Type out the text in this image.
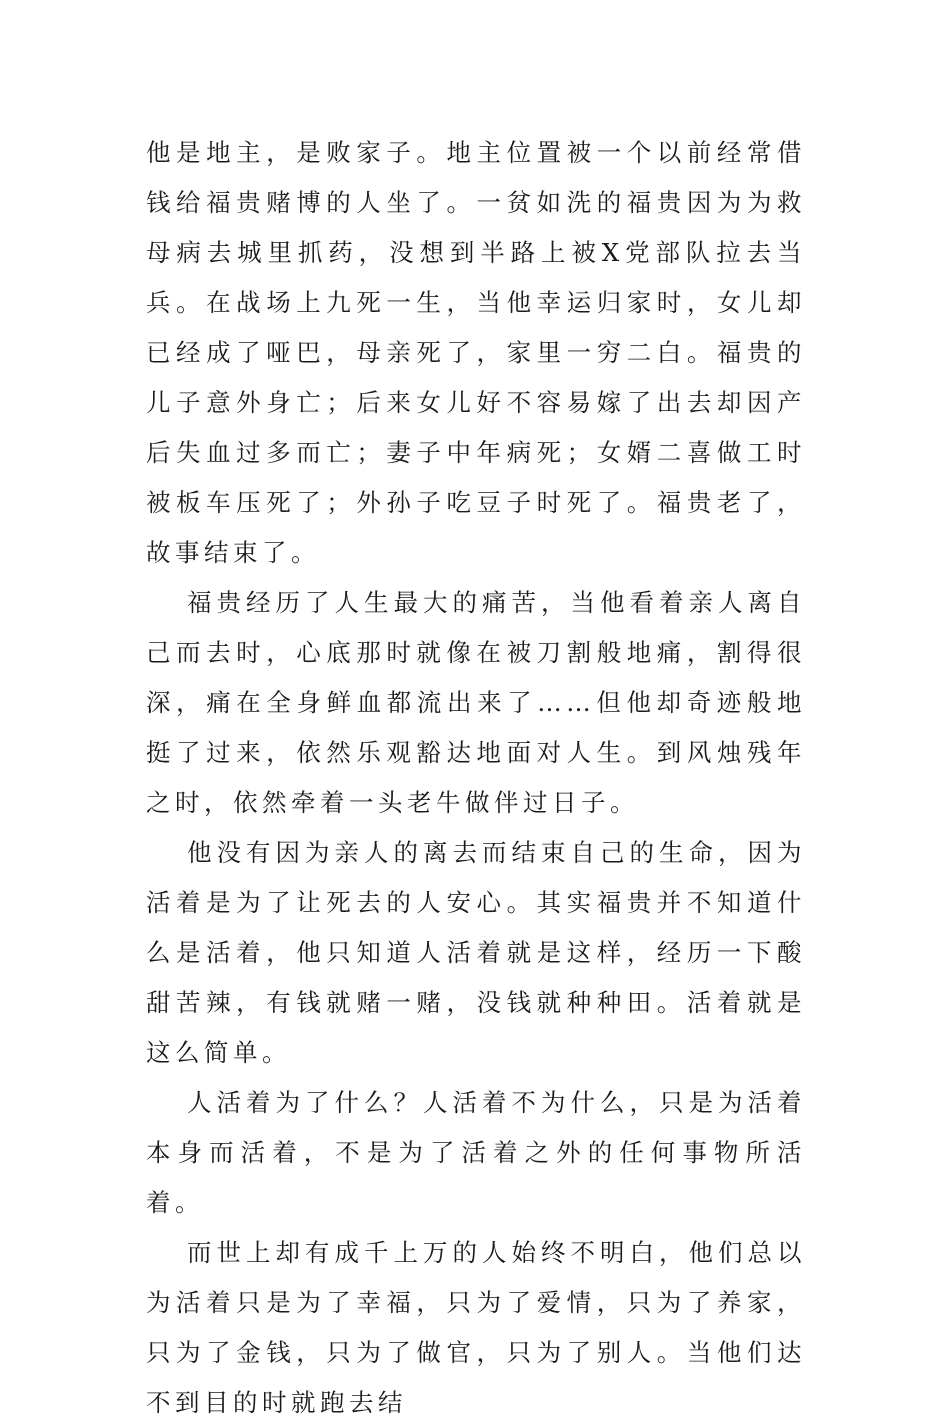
他是地主，是败家子。地主位置被一个以前经常借钱给福贵赌博的人坐了。一贫如洗的福贵因为为救母病去城里抓药，没想到半路上被X党部队拉去当兵。在战场上九死一生，当他幸运归家时，女儿却已经成了哑巴，母亲死了，家里一穷二白。福贵的儿子意外身亡；后来女儿好不容易嫁了出去却因产后失血过多而亡；妻子中年病死；女婿二喜做工时被板车压死了；外孙子吃豆子时死了。福贵老了，故事结束了。

福贵经历了人生最大的痛苦，当他看着亲人离自己而去时，心底那时就像在被刀割般地痛，割得很深，痛在全身鲜血都流出来了……但他却奇迹般地挺了过来，依然乐观豁达地面对人生。到风烛残年之时，依然牵着一头老牛做伴过日子。

他没有因为亲人的离去而结束自己的生命，因为活着是为了让死去的人安心。其实福贵并不知道什么是活着，他只知道人活着就是这样，经历一下酸甜苦辣，有钱就赌一赌，没钱就种种田。活着就是这么简单。

人活着为了什么？人活着不为什么，只是为活着本身而活着，不是为了活着之外的任何事物所活着。

而世上却有成千上万的人始终不明白，他们总以为活着只是为了幸福，只为了爱情，只为了养家，只为了金钱，只为了做官，只为了别人。当他们达不到目的时就跑去结
